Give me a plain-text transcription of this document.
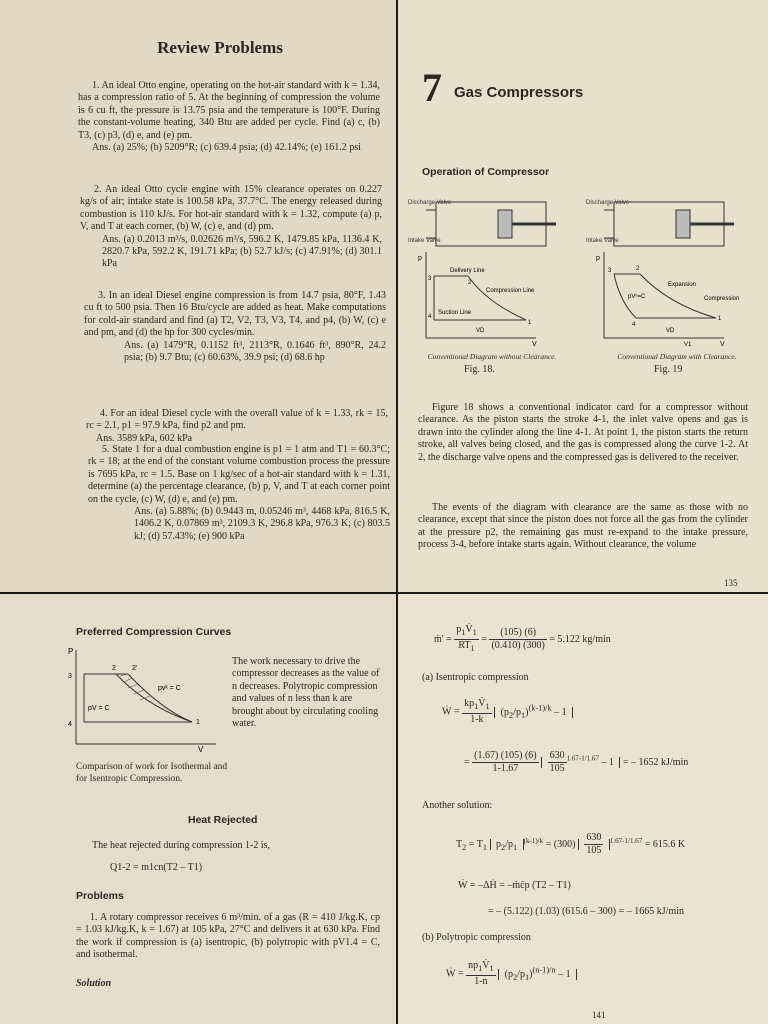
Review Problems

1. An ideal Otto engine, operating on the hot-air standard with k = 1.34, has a compression ratio of 5. At the beginning of compression the volume is 6 cu ft, the pressure is 13.75 psia and the temperature is 100°F. During the constant-volume heating, 340 Btu are added per cycle. Find (a) c, (b) T3, (c) p3, (d) e, and (e) pm.

Ans. (a) 25%; (b) 5209°R; (c) 639.4 psia; (d) 42.14%; (e) 161.2 psi

2. An ideal Otto cycle engine with 15% clearance operates on 0.227 kg/s of air; intake state is 100.58 kPa, 37.7°C. The energy released during combustion is 110 kJ/s. For hot-air standard with k = 1.32, compute (a) p, V, and T at each corner, (b) W, (c) e, and (d) pm.

Ans. (a) 0.2013 m³/s, 0.02626 m³/s, 596.2 K, 1479.85 kPa, 1136.4 K, 2820.7 kPa, 592.2 K, 191.71 kPa; (b) 52.7 kJ/s; (c) 47.91%; (d) 301.1 kPa

3. In an ideal Diesel engine compression is from 14.7 psia, 80°F, 1.43 cu ft to 500 psia. Then 16 Btu/cycle are added as heat. Make computations for cold-air standard and find (a) T2, V2, T3, V3, T4, and p4, (b) W, (c) e and pm, and (d) the hp for 300 cycles/min.

Ans. (a) 1479°R, 0.1152 ft³, 2113°R, 0.1646 ft³, 890°R, 24.2 psia; (b) 9.7 Btu; (c) 60.63%, 39.9 psi; (d) 68.6 hp

4. For an ideal Diesel cycle with the overall value of k = 1.33, rk = 15, rc = 2.1, p1 = 97.9 kPa, find p2 and pm.

Ans. 3589 kPa, 602 kPa

5. State 1 for a dual combustion engine is p1 = 1 atm and T1 = 60.3°C; rk = 18; at the end of the constant volume combustion process the pressure is 7695 kPa, rc = 1.5. Base on 1 kg/sec of a hot-air standard with k = 1.31, determine (a) the percentage clearance, (b) p, V, and T at each corner point on the cycle, (c) W, (d) e, and (e) pm.

Ans. (a) 5.88%; (b) 0.9443 m, 0.05246 m³, 4468 kPa, 816.5 K, 1406.2 K, 0.07869 m³, 2109.3 K, 296.8 kPa, 976.3 K; (c) 803.5 kJ; (d) 57.43%; (e) 900 kPa

7 Gas Compressors
Operation of Compressor
Discharge Valve
Intake Valve
p
V
3
2
4
1
Delivery Line
Compression Line
Suction Line
VD
Discharge Valve
Intake Valve
p
V
3	2
4
1
Expansion
pVⁿ=C	Compression
VD
V1
Conventional Diagram without Clearance.
Fig. 18.
Conventional Diagram with Clearance.
Fig. 19

Figure 18 shows a conventional indicator card for a compressor without clearance. As the piston starts the stroke 4-1, the inlet valve opens and gas is drawn into the cylinder along the line 4-1. At point 1, the piston starts the return stroke, all valves being closed, and the gas is compressed along the curve 1-2. At 2, the discharge valve opens and the compressed gas is delivered to the receiver.

The events of the diagram with clearance are the same as those with no clearance, except that since the piston does not force all the gas from the cylinder at the pressure p2, the remaining gas must re-expand to the intake pressure, process 3-4, before intake starts again. Without clearance, the volume

135
Preferred Compression Curves
P
V
2 2'
3
4	1
pvᵏ = C
pV = C
The work necessary to drive the compressor decreases as the value of n decreases. Polytropic compression and values of n less than k are brought about by circulating cooling water.
Comparison of work for Isothermal and for Isentropic Compression.
Heat Rejected
The heat rejected during compression 1-2 is,
Q1-2 = m1cn(T2 – T1)
Problems

1. A rotary compressor receives 6 m³/min. of a gas (R = 410 J/kg.K, cp = 1.03 kJ/kg.K, k = 1.67) at 105 kPa, 27°C and delivers it at 630 kPa. Find the work if compression is (a) isentropic, (b) polytropic with pV1.4 = C, and isothermal.

Solution
ṁ' = $\frac{p_1V̇_1}{RT_1} = \frac{(105) (6)}{(0.410) (300)} = 5.122$ kg/min
(a) Isentropic compression
Ẇ = $\frac{kp_1V̇_1}{1-k} (p_2/p_1)^{(k-1)/k} - 1$
= $\frac{(1.67) (105) (6)}{1-1.67}$
$\frac{630}{105} ^{1.67-1/1.67} - 1$  = – 1652 kJ/min
Another solution:
$T_2 = T_1$  $p_2/p_1$ $^{(k-1)/k} = (300) \frac{630}{105} ^{1.67-1/1.67} = 615.6$ K
Ẇ = –ΔḢ = –ṁc̄p (T2 – T1)
= – (5.122) (1.03) (615.6 – 300) = – 1665 kJ/min
(b) Polytropic compression
Ẇ = $\frac{np_1V̇_1}{1-n} (p_2/p_1)^{(n-1)/n} - 1$
141
